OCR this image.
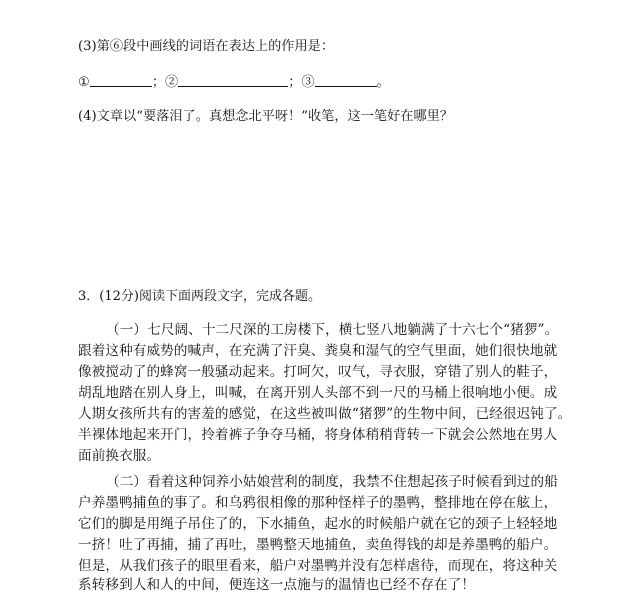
(3)第⑥段中画线的词语在表达上的作用是：
①	；②	；③	。
(4)文章以“要落泪了。真想念北平呀！”收笔，这一笔好在哪里？
3．(12分)阅读下面两段文字，完成各题。
（一）七尺阔、十二尺深的工房楼下，横七竖八地躺满了十六七个“猪猡”。
跟着这种有威势的喊声，在充满了汗臭、粪臭和湿气的空气里面，她们很快地就
像被搅动了的蜂窝一般骚动起来。打呵欠，叹气，寻衣服，穿错了别人的鞋子，
胡乱地踏在别人身上，叫喊，在离开别人头部不到一尺的马桶上很响地小便。成
人期女孩所共有的害羞的感觉，在这些被叫做“猪猡”的生物中间，已经很迟钝了。
半裸体地起来开门，拎着裤子争夺马桶，将身体稍稍背转一下就会公然地在男人
面前换衣服。
（二）看着这种饲养小姑娘营利的制度，我禁不住想起孩子时候看到过的船
户养墨鸭捕鱼的事了。和乌鸦很相像的那种怪样子的墨鸭，整排地在停在舷上，
它们的脚是用绳子吊住了的，下水捕鱼，起水的时候船户就在它的颈子上轻轻地
一挤！吐了再捕，捕了再吐，墨鸭整天地捕鱼，卖鱼得钱的却是养墨鸭的船户。
但是，从我们孩子的眼里看来，船户对墨鸭并没有怎样虐待，而现在，将这种关
系转移到人和人的中间，便连这一点施与的温情也已经不存在了！
